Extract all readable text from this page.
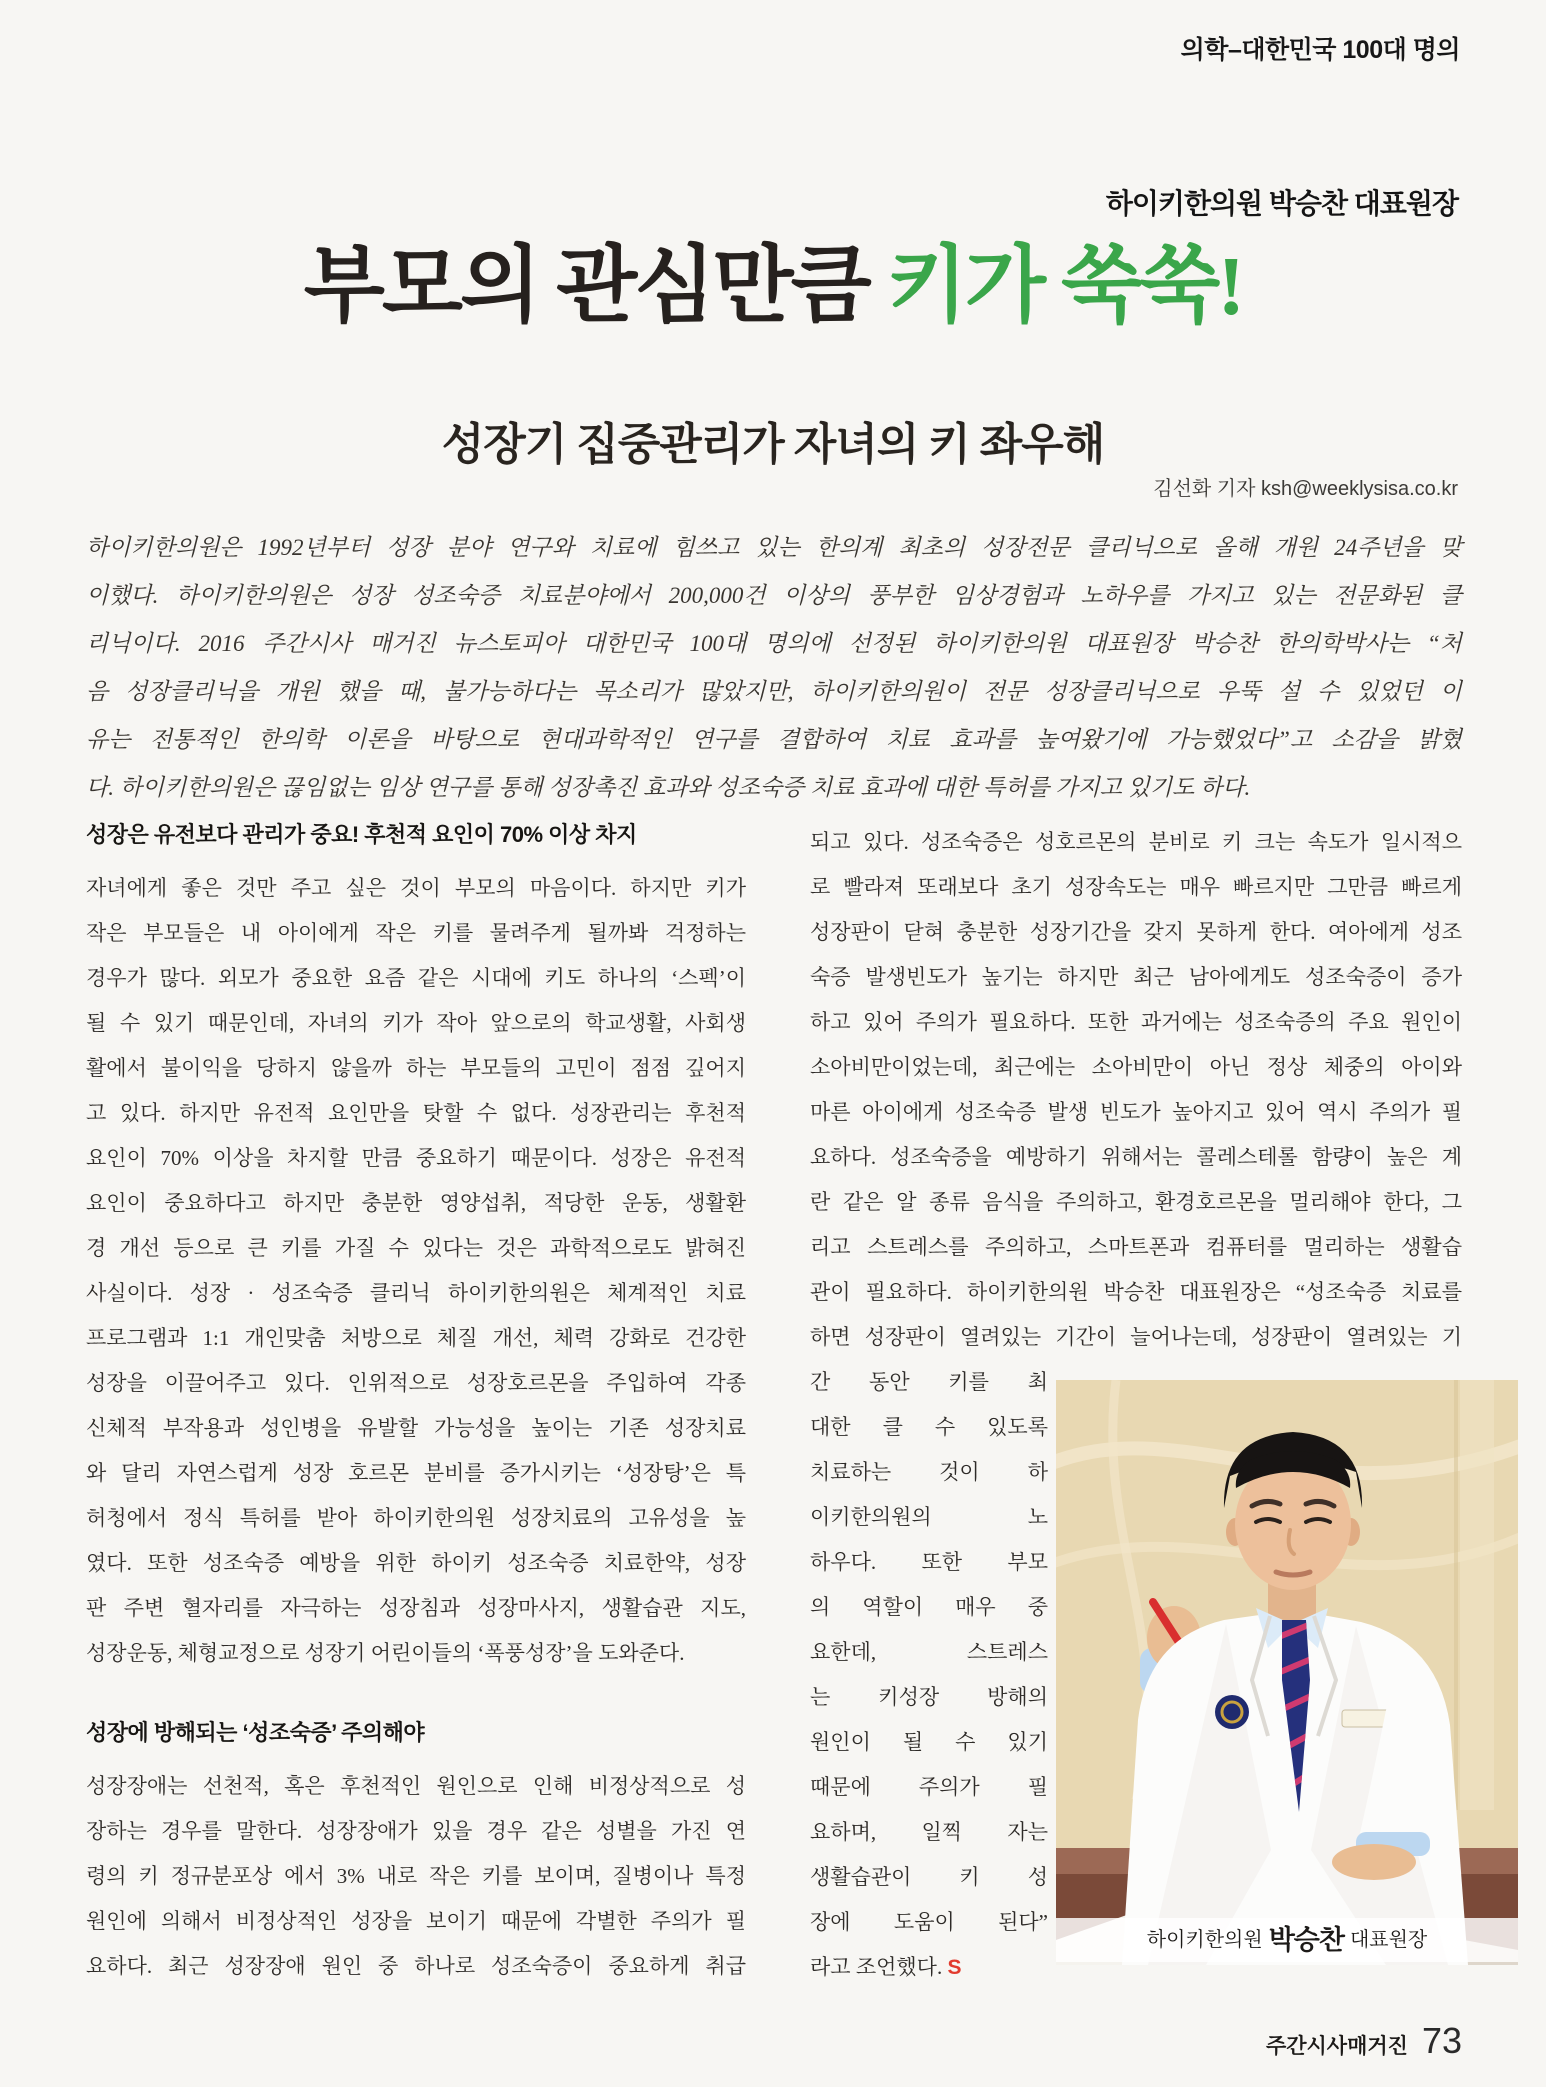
의학–대한민국 100대 명의
하이키한의원 박승찬 대표원장
부모의 관심만큼 키가 쑥쑥!
성장기 집중관리가 자녀의 키 좌우해
김선화 기자 ksh@weeklysisa.co.kr
하이키한의원은 1992년부터 성장 분야 연구와 치료에 힘쓰고 있는 한의계 최초의 성장전문 클리닉으로 올해 개원 24주년을 맞
이했다. 하이키한의원은 성장 성조숙증 치료분야에서 200,000건 이상의 풍부한 임상경험과 노하우를 가지고 있는 전문화된 클
리닉이다. 2016 주간시사 매거진 뉴스토피아 대한민국 100대 명의에 선정된 하이키한의원 대표원장 박승찬 한의학박사는 “처
음 성장클리닉을 개원 했을 때, 불가능하다는 목소리가 많았지만, 하이키한의원이 전문 성장클리닉으로 우뚝 설 수 있었던 이
유는 전통적인 한의학 이론을 바탕으로 현대과학적인 연구를 결합하여 치료 효과를 높여왔기에 가능했었다”고 소감을 밝혔
다. 하이키한의원은 끊임없는 임상 연구를 통해 성장촉진 효과와 성조숙증 치료 효과에 대한 특허를 가지고 있기도 하다.
성장은 유전보다 관리가 중요! 후천적 요인이 70% 이상 차지
자녀에게 좋은 것만 주고 싶은 것이 부모의 마음이다. 하지만 키가
작은 부모들은 내 아이에게 작은 키를 물려주게 될까봐 걱정하는
경우가 많다. 외모가 중요한 요즘 같은 시대에 키도 하나의 ‘스펙’이
될 수 있기 때문인데, 자녀의 키가 작아 앞으로의 학교생활, 사회생
활에서 불이익을 당하지 않을까 하는 부모들의 고민이 점점 깊어지
고 있다. 하지만 유전적 요인만을 탓할 수 없다. 성장관리는 후천적
요인이 70% 이상을 차지할 만큼 중요하기 때문이다. 성장은 유전적
요인이 중요하다고 하지만 충분한 영양섭취, 적당한 운동, 생활환
경 개선 등으로 큰 키를 가질 수 있다는 것은 과학적으로도 밝혀진
사실이다. 성장 · 성조숙증 클리닉 하이키한의원은 체계적인 치료
프로그램과 1:1 개인맞춤 처방으로 체질 개선, 체력 강화로 건강한
성장을 이끌어주고 있다. 인위적으로 성장호르몬을 주입하여 각종
신체적 부작용과 성인병을 유발할 가능성을 높이는 기존 성장치료
와 달리 자연스럽게 성장 호르몬 분비를 증가시키는 ‘성장탕’은 특
허청에서 정식 특허를 받아 하이키한의원 성장치료의 고유성을 높
였다. 또한 성조숙증 예방을 위한 하이키 성조숙증 치료한약, 성장
판 주변 혈자리를 자극하는 성장침과 성장마사지, 생활습관 지도,
성장운동, 체형교정으로 성장기 어린이들의 ‘폭풍성장’을 도와준다.
성장에 방해되는 ‘성조숙증’ 주의해야
성장장애는 선천적, 혹은 후천적인 원인으로 인해 비정상적으로 성
장하는 경우를 말한다. 성장장애가 있을 경우 같은 성별을 가진 연
령의 키 정규분포상 에서 3% 내로 작은 키를 보이며, 질병이나 특정
원인에 의해서 비정상적인 성장을 보이기 때문에 각별한 주의가 필
요하다. 최근 성장장애 원인 중 하나로 성조숙증이 중요하게 취급
되고 있다. 성조숙증은 성호르몬의 분비로 키 크는 속도가 일시적으
로 빨라져 또래보다 초기 성장속도는 매우 빠르지만 그만큼 빠르게
성장판이 닫혀 충분한 성장기간을 갖지 못하게 한다. 여아에게 성조
숙증 발생빈도가 높기는 하지만 최근 남아에게도 성조숙증이 증가
하고 있어 주의가 필요하다. 또한 과거에는 성조숙증의 주요 원인이
소아비만이었는데, 최근에는 소아비만이 아닌 정상 체중의 아이와
마른 아이에게 성조숙증 발생 빈도가 높아지고 있어 역시 주의가 필
요하다. 성조숙증을 예방하기 위해서는 콜레스테롤 함량이 높은 계
란 같은 알 종류 음식을 주의하고, 환경호르몬을 멀리해야 한다, 그
리고 스트레스를 주의하고, 스마트폰과 컴퓨터를 멀리하는 생활습
관이 필요하다. 하이키한의원 박승찬 대표원장은 “성조숙증 치료를
하면 성장판이 열려있는 기간이 늘어나는데, 성장판이 열려있는 기
간 동안 키를 최
대한 클 수 있도록
치료하는 것이 하
이키한의원의 노
하우다. 또한 부모
의 역할이 매우 중
요한데, 스트레스
는 키성장 방해의
원인이 될 수 있기
때문에 주의가 필
요하며, 일찍 자는
생활습관이 키 성
장에 도움이 된다”
라고 조언했다. S
하이키한의원 박승찬 대표원장
주간시사매거진 73
